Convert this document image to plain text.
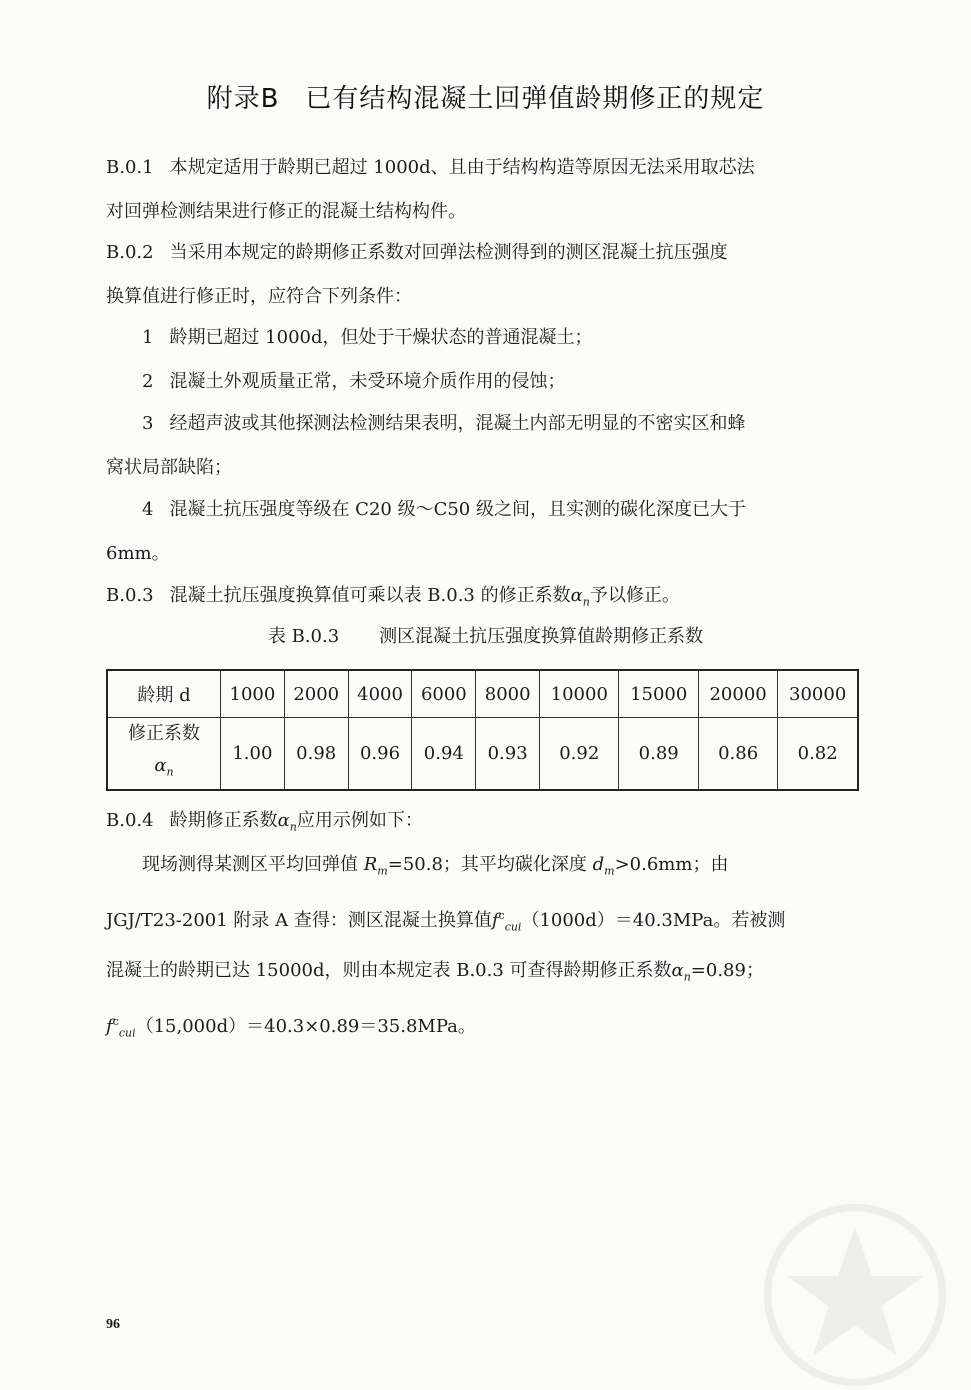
附录B 已有结构混凝土回弹值龄期修正的规定
B.0.1 本规定适用于龄期已超过 1000d、且由于结构构造等原因无法采用取芯法
对回弹检测结果进行修正的混凝土结构构件。
B.0.2 当采用本规定的龄期修正系数对回弹法检测得到的测区混凝土抗压强度
换算值进行修正时，应符合下列条件：
1 龄期已超过 1000d，但处于干燥状态的普通混凝土；
2 混凝土外观质量正常，未受环境介质作用的侵蚀；
3 经超声波或其他探测法检测结果表明，混凝土内部无明显的不密实区和蜂
窝状局部缺陷；
4 混凝土抗压强度等级在 C20 级～C50 级之间，且实测的碳化深度已大于
6mm。
B.0.3 混凝土抗压强度换算值可乘以表 B.0.3 的修正系数$\alpha_n$予以修正。
表 B.0.3 测区混凝土抗压强度换算值龄期修正系数
龄期 d	1000	2000	4000	6000	8000	10000	15000	20000	30000
修正系数
$\alpha_n$	1.00	0.98	0.96	0.94	0.93	0.92	0.89	0.86	0.82
B.0.4 龄期修正系数$\alpha_n$应用示例如下：
现场测得某测区平均回弹值 $R_m=50.8$；其平均碳化深度 $d_m>0.6mm$；由
JGJ/T23-2001 附录 A 查得：测区混凝土换算值$f^c_{cui}(1000d)=40.3MPa$。若被测
混凝土的龄期已达 15000d，则由本规定表 B.0.3 可查得龄期修正系数$\alpha_n=0.89$；
$f^c_{cui}(15,000d)=40.3\times 0.89=35.8MPa$。
96
